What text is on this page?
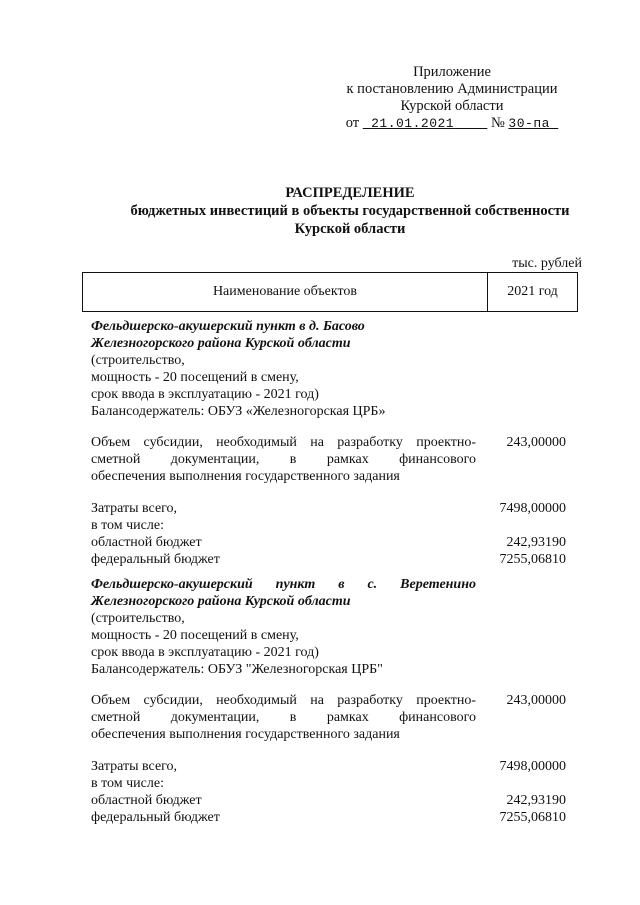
Приложение
к постановлению Администрации
Курской области
от 21.01.2021	№ 30-па
РАСПРЕДЕЛЕНИЕ
бюджетных инвестиций в объекты государственной собственности
Курской области
тыс. рублей
Наименование объектов	2021 год
Фельдшерско-акушерский пункт в д. Басово
Железногорского района Курской области
(строительство,
мощность - 20 посещений в смену,
срок ввода в эксплуатацию - 2021 год)
Балансодержатель: ОБУЗ «Железногорская ЦРБ»
Объем субсидии, необходимый на разработку проектно-
сметной документации, в рамках финансового
обеспечения выполнения государственного задания
243,00000
Затраты всего,	7498,00000
в том числе:
областной бюджет	242,93190
федеральный бюджет	7255,06810
Фельдшерско-акушерский пункт в с. Веретенино
Железногорского района Курской области
(строительство,
мощность - 20 посещений в смену,
срок ввода в эксплуатацию - 2021 год)
Балансодержатель: ОБУЗ "Железногорская ЦРБ"
Объем субсидии, необходимый на разработку проектно-
сметной документации, в рамках финансового
обеспечения выполнения государственного задания
243,00000
Затраты всего,	7498,00000
в том числе:
областной бюджет	242,93190
федеральный бюджет	7255,06810
